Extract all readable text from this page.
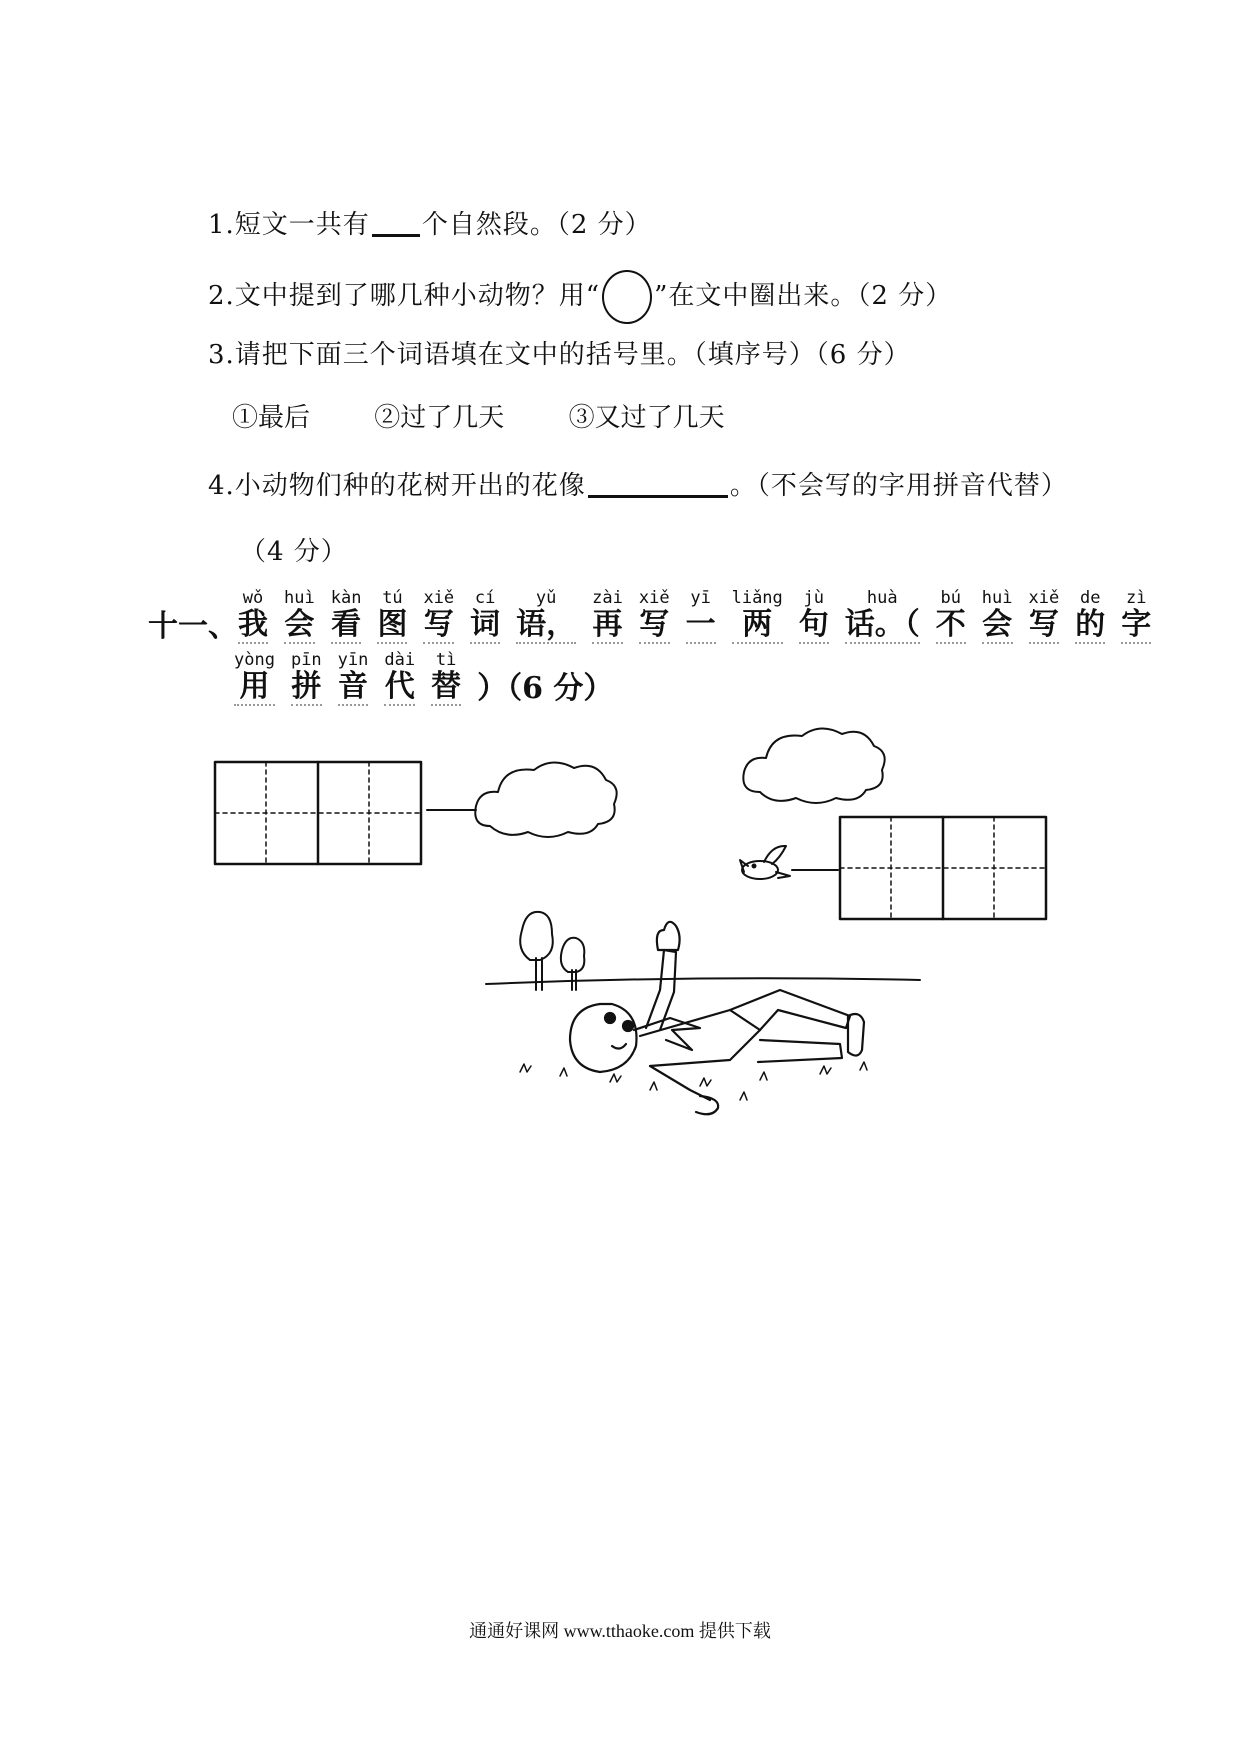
1.短文一共有 个自然段。（2 分）
2.文中提到了哪几种小动物？用“ ”在文中圈出来。（2 分）
3.请把下面三个词语填在文中的括号里。（填序号）（6 分）
①最后 ②过了几天 ③又过了几天
4.小动物们种的花树开出的花像	。（不会写的字用拼音代替）
（4 分）
十一、
wǒ
我
huì
会
kàn
看
tú
图
xiě
写
cí
词
yǔ
语，
zài
再
xiě
写
yī
一
liǎng
两
jù
句
huà
话。（
bú
不
huì
会
xiě
写
de
的
zì
字
yòng
用
pīn
拼
yīn
音
dài
代
tì
替 ）（6 分）
通通好课网 www.tthaoke.com 提供下载
